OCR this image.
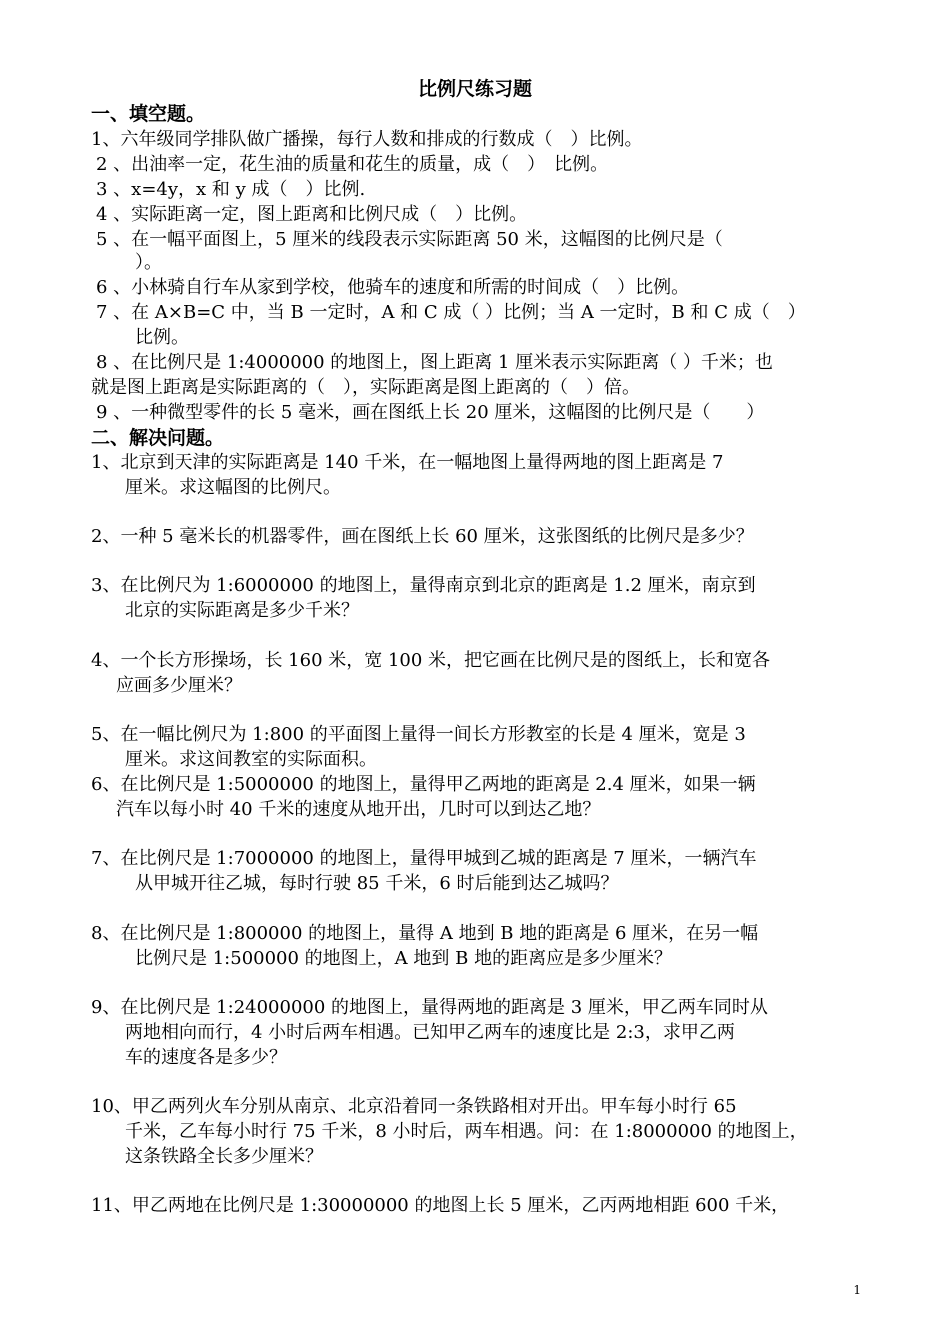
比例尺练习题
一、填空题。
1、六年级同学排队做广播操，每行人数和排成的行数成（　）比例。
2 、出油率一定，花生油的质量和花生的质量，成（　）　比例。
3 、x=4y，x 和 y 成（　）比例.
4 、实际距离一定，图上距离和比例尺成（　）比例。
5 、在一幅平面图上，5 厘米的线段表示实际距离 50 米，这幅图的比例尺是（
）。
6 、小林骑自行车从家到学校，他骑车的速度和所需的时间成（　）比例。
7 、在 A×B=C 中，当 B 一定时，A 和 C 成（ ）比例；当 A 一定时，B 和 C 成（　）
比例。
8 、在比例尺是 1:4000000 的地图上，图上距离 1 厘米表示实际距离（ ）千米；也
就是图上距离是实际距离的（　），实际距离是图上距离的（　）倍。
9 、一种微型零件的长 5 毫米，画在图纸上长 20 厘米，这幅图的比例尺是（　　）
二、解决问题。
1、北京到天津的实际距离是 140 千米，在一幅地图上量得两地的图上距离是 7
厘米。求这幅图的比例尺。
2、一种 5 毫米长的机器零件，画在图纸上长 60 厘米，这张图纸的比例尺是多少？
3、在比例尺为 1:6000000 的地图上，量得南京到北京的距离是 1.2 厘米，南京到
北京的实际距离是多少千米？
4、一个长方形操场，长 160 米，宽 100 米，把它画在比例尺是的图纸上，长和宽各
应画多少厘米？
5、在一幅比例尺为 1:800 的平面图上量得一间长方形教室的长是 4 厘米，宽是 3
厘米。求这间教室的实际面积。
6、在比例尺是 1:5000000 的地图上，量得甲乙两地的距离是 2.4 厘米，如果一辆
汽车以每小时 40 千米的速度从地开出，几时可以到达乙地？
7、在比例尺是 1:7000000 的地图上，量得甲城到乙城的距离是 7 厘米，一辆汽车
从甲城开往乙城，每时行驶 85 千米，6 时后能到达乙城吗？
8、在比例尺是 1:800000 的地图上，量得 A 地到 B 地的距离是 6 厘米，在另一幅
比例尺是 1:500000 的地图上，A 地到 B 地的距离应是多少厘米？
9、在比例尺是 1:24000000 的地图上，量得两地的距离是 3 厘米，甲乙两车同时从
两地相向而行，4 小时后两车相遇。已知甲乙两车的速度比是 2:3，求甲乙两
车的速度各是多少？
10、甲乙两列火车分别从南京、北京沿着同一条铁路相对开出。甲车每小时行 65
千米，乙车每小时行 75 千米，8 小时后，两车相遇。问：在 1:8000000 的地图上，
这条铁路全长多少厘米？
11、甲乙两地在比例尺是 1:30000000 的地图上长 5 厘米，乙丙两地相距 600 千米，
1
